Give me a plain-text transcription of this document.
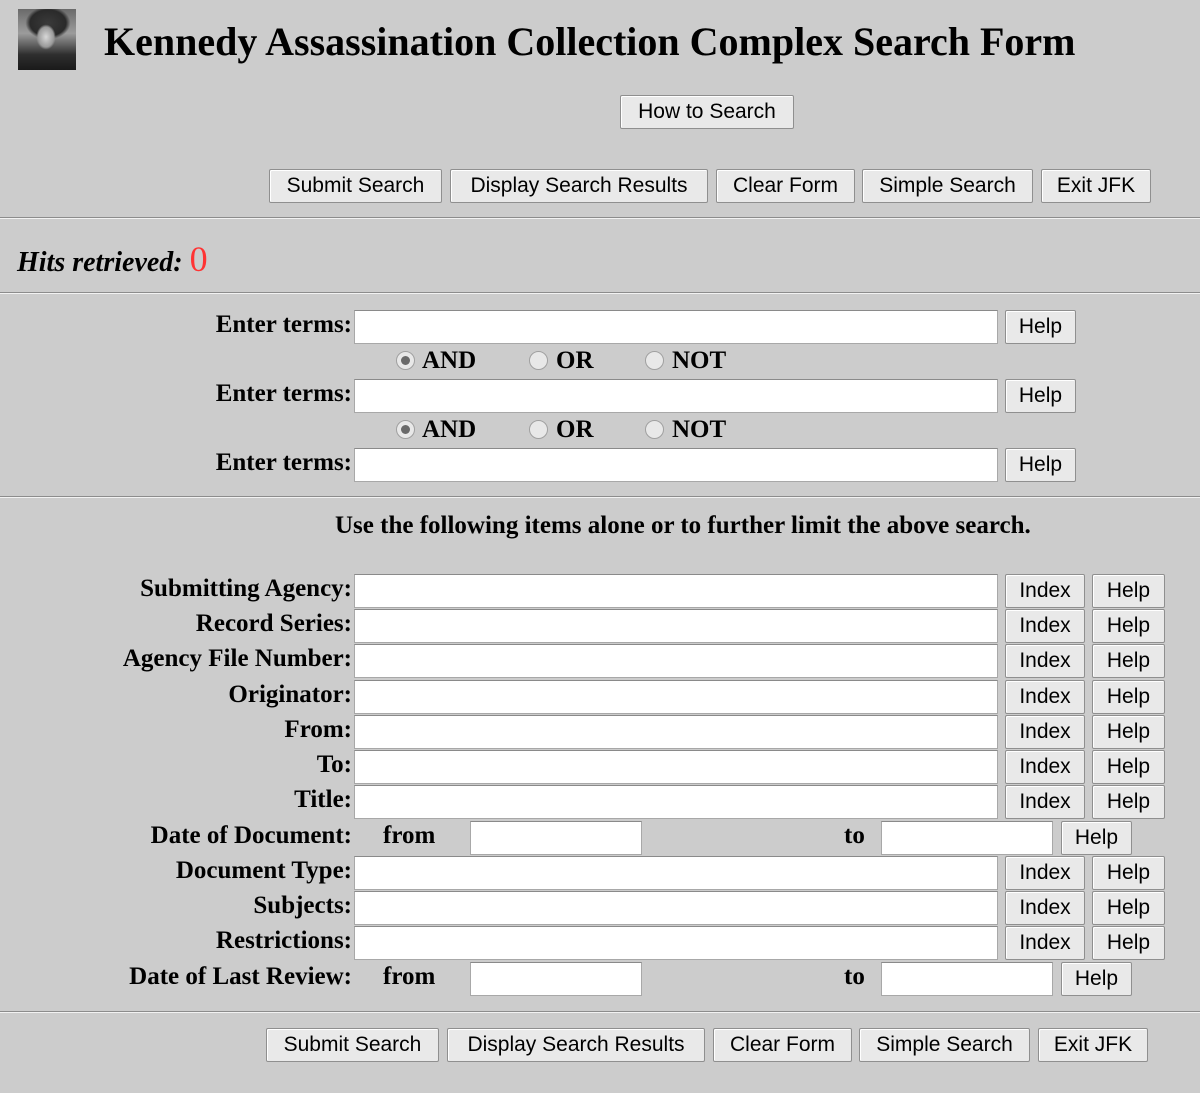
Kennedy Assassination Collection Complex Search Form
How to Search
Submit Search	Display Search Results	Clear Form	Simple Search	Exit JFK
Hits retrieved: 0
Enter terms:	Help
AND	OR	NOT
Enter terms:	Help
AND	OR	NOT
Enter terms:	Help
Use the following items alone or to further limit the above search.
Submitting Agency:	Index	Help
Record Series:	Index	Help
Agency File Number:	Index	Help
Originator:	Index	Help
From:	Index	Help
To:	Index	Help
Title:	Index	Help
Date of Document: from	to	Help
Document Type:	Index	Help
Subjects:	Index	Help
Restrictions:	Index	Help
Date of Last Review: from	to	Help
Submit Search	Display Search Results	Clear Form	Simple Search	Exit JFK
